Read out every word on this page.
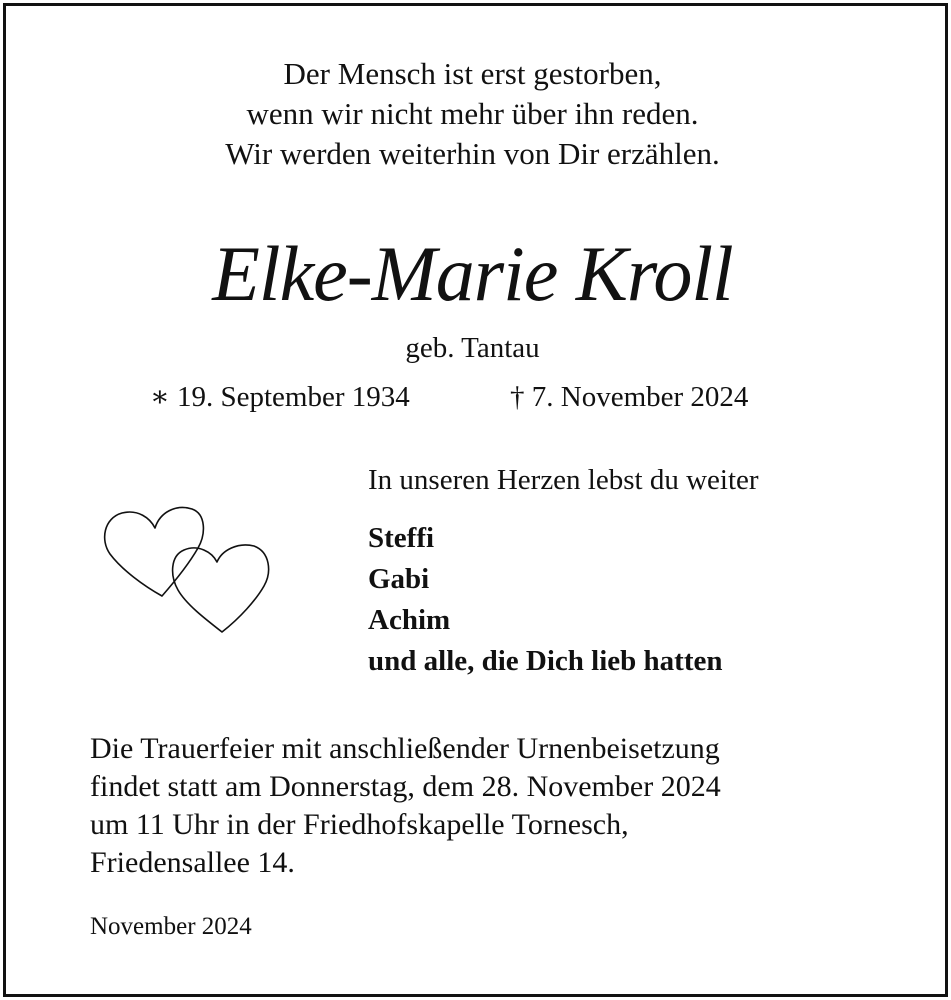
Der Mensch ist erst gestorben,
wenn wir nicht mehr über ihn reden.
Wir werden weiterhin von Dir erzählen.
Elke-Marie Kroll
geb. Tantau
∗ 19. September 1934	† 7. November 2024
In unseren Herzen lebst du weiter
Steffi
Gabi
Achim
und alle, die Dich lieb hatten
Die Trauerfeier mit anschließender Urnenbeisetzung
findet statt am Donnerstag, dem 28. November 2024
um 11 Uhr in der Friedhofskapelle Tornesch,
Friedensallee 14.
November 2024
